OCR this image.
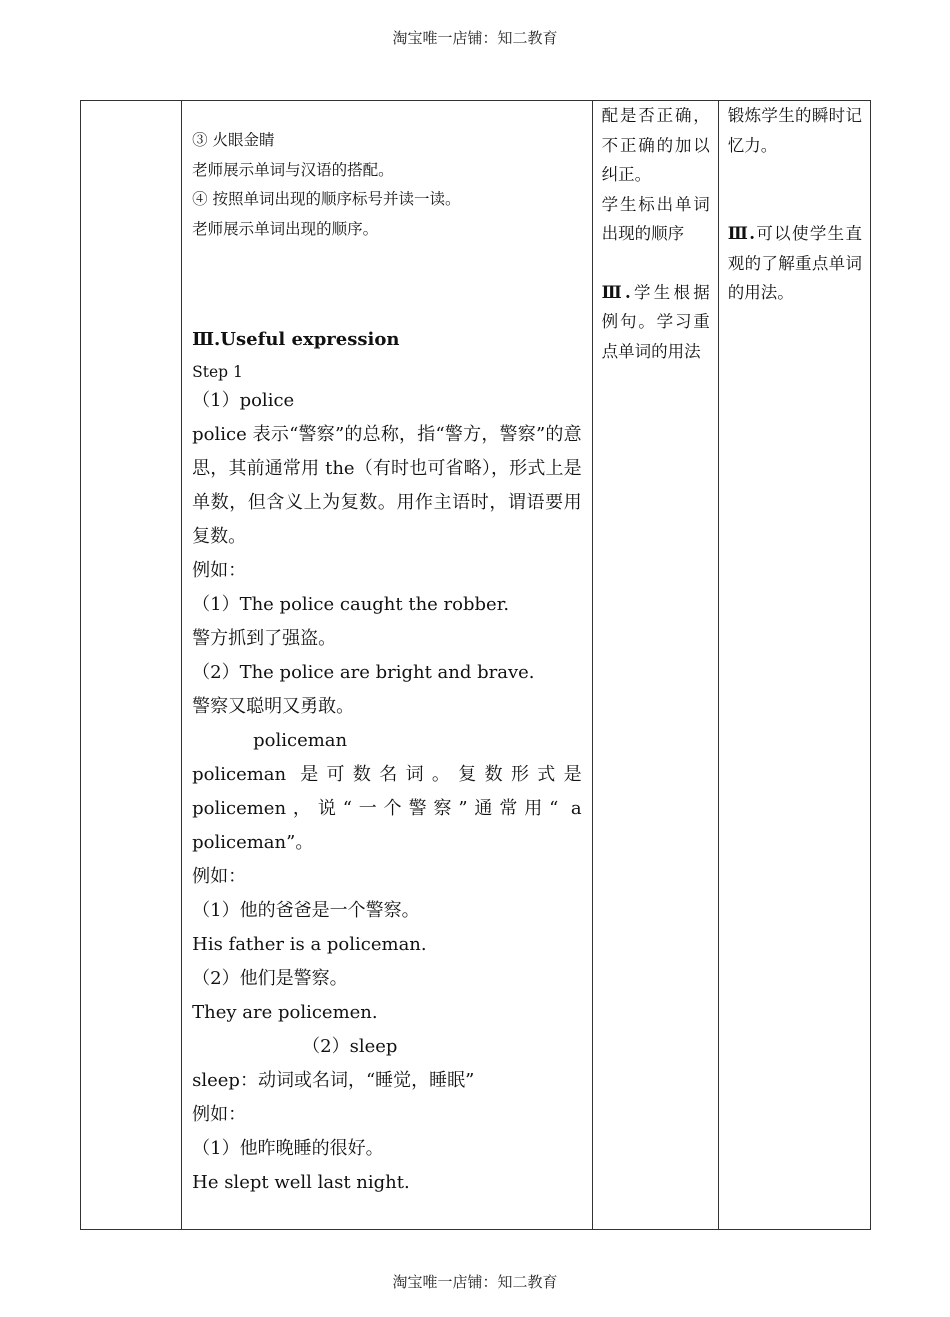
淘宝唯一店铺：知二教育

③ 火眼金睛

老师展示单词与汉语的搭配。

④ 按照单词出现的顺序标号并读一读。

老师展示单词出现的顺序。

Ⅲ.Useful expression

Step 1

（1）police

police 表示“警察”的总称，指“警方，警察”的意思，其前通常用 the（有时也可省略），形式上是单数，但含义上为复数。用作主语时，谓语要用复数。

例如：

（1）The police caught the robber.

警方抓到了强盗。

（2）The police are bright and brave.

警察又聪明又勇敢。

policeman

policeman 是可数名词。复数形式是 policemen，说“一个警察”通常用“ a policeman”。

例如：

（1）他的爸爸是一个警察。

His father is a policeman.

（2）他们是警察。

They are policemen.

（2）sleep

sleep：动词或名词，“睡觉，睡眠”

例如：

（1）他昨晚睡的很好。

He slept well last night.

配是否正确，不正确的加以纠正。

学生标出单词出现的顺序

Ⅲ.学生根据例句。学习重点单词的用法

锻炼学生的瞬时记忆力。

Ⅲ.可以使学生直观的了解重点单词的用法。

淘宝唯一店铺：知二教育
